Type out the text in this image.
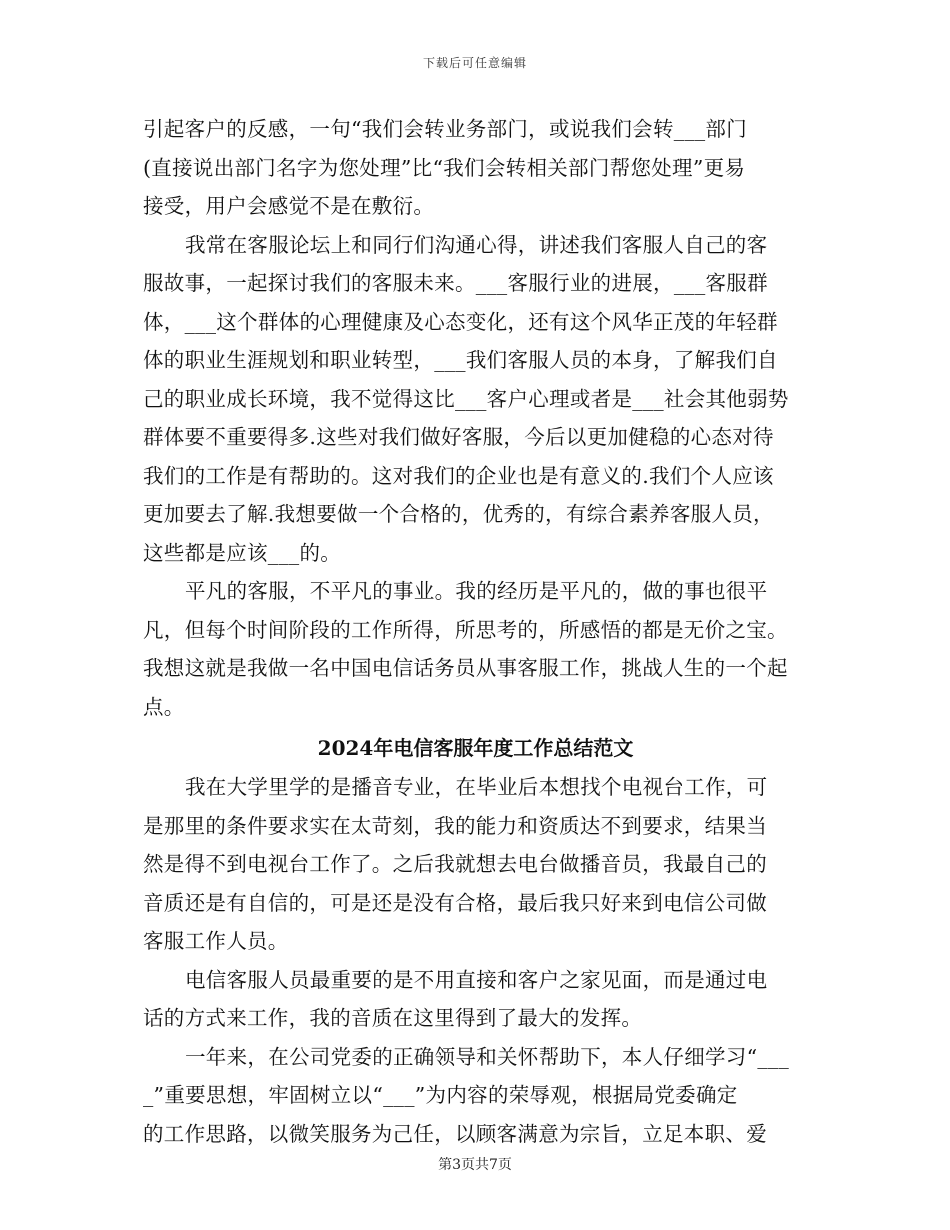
下载后可任意编辑
引起客户的反感，一句“我们会转业务部门，或说我们会转___部门
(直接说出部门名字为您处理”比“我们会转相关部门帮您处理”更易
接受，用户会感觉不是在敷衍。
我常在客服论坛上和同行们沟通心得，讲述我们客服人自己的客
服故事，一起探讨我们的客服未来。___客服行业的进展，___客服群
体，___这个群体的心理健康及心态变化，还有这个风华正茂的年轻群
体的职业生涯规划和职业转型，___我们客服人员的本身，了解我们自
己的职业成长环境，我不觉得这比___客户心理或者是___社会其他弱势
群体要不重要得多.这些对我们做好客服，今后以更加健稳的心态对待
我们的工作是有帮助的。这对我们的企业也是有意义的.我们个人应该
更加要去了解.我想要做一个合格的，优秀的，有综合素养客服人员，
这些都是应该___的。
平凡的客服，不平凡的事业。我的经历是平凡的，做的事也很平
凡，但每个时间阶段的工作所得，所思考的，所感悟的都是无价之宝。
我想这就是我做一名中国电信话务员从事客服工作，挑战人生的一个起
点。
2024年电信客服年度工作总结范文
我在大学里学的是播音专业，在毕业后本想找个电视台工作，可
是那里的条件要求实在太苛刻，我的能力和资质达不到要求，结果当
然是得不到电视台工作了。之后我就想去电台做播音员，我最自己的
音质还是有自信的，可是还是没有合格，最后我只好来到电信公司做
客服工作人员。
电信客服人员最重要的是不用直接和客户之家见面，而是通过电
话的方式来工作，我的音质在这里得到了最大的发挥。
一年来，在公司党委的正确领导和关怀帮助下，本人仔细学习“___
_”重要思想，牢固树立以“___”为内容的荣辱观，根据局党委确定
的工作思路，以微笑服务为己任，以顾客满意为宗旨，立足本职、爱
第3页共7页
